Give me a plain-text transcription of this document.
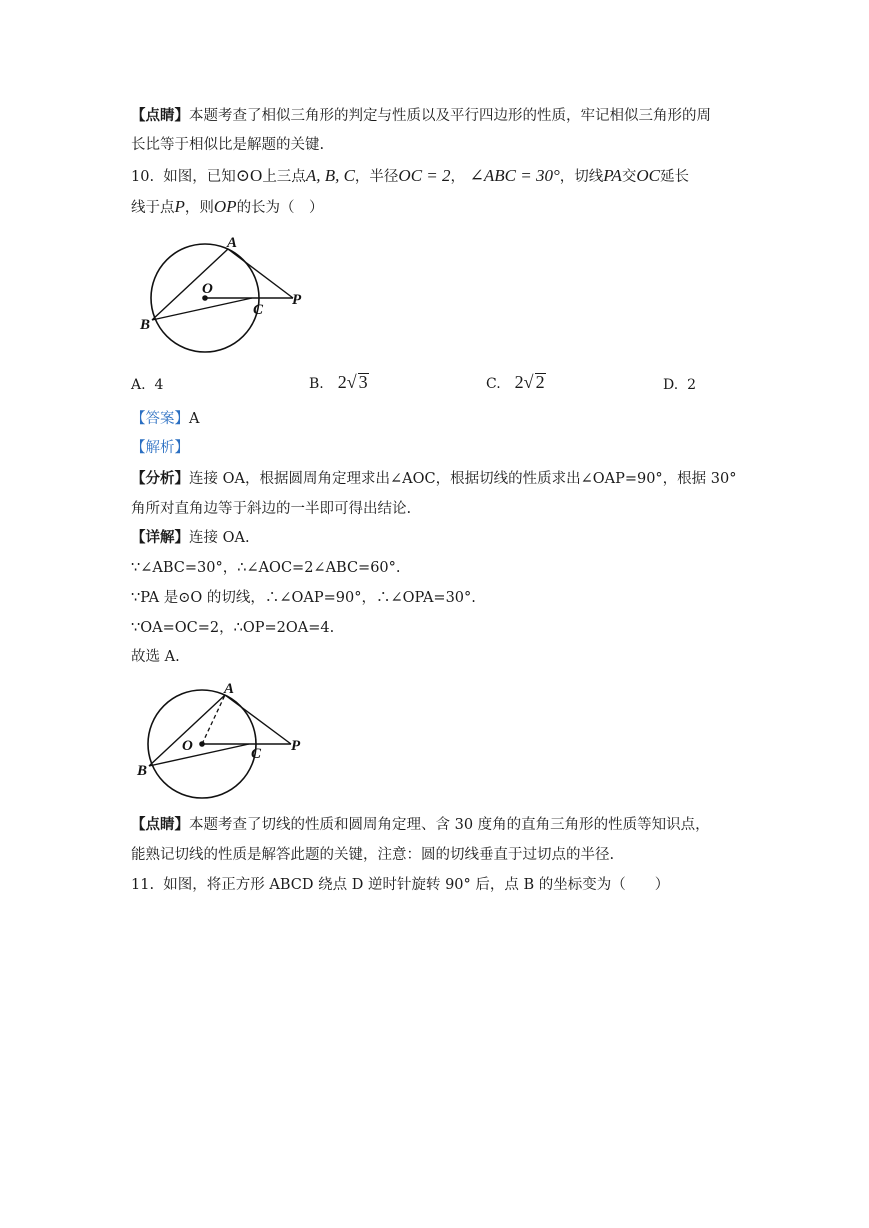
【点睛】本题考查了相似三角形的判定与性质以及平行四边形的性质，牢记相似三角形的周
长比等于相似比是解题的关键.
10. 如图，已知⊙O上三点A, B, C，半径OC = 2， ∠ABC = 30°，切线PA交OC延长
线于点P，则OP的长为（　）
A
O
C
P
B
A. 4	B. 2√ 3	C. 2√ 2	D. 2
【答案】A
【解析】
【分析】连接 OA，根据圆周角定理求出∠AOC，根据切线的性质求出∠OAP=90°，根据 30°
角所对直角边等于斜边的一半即可得出结论.
【详解】连接 OA.
∵∠ABC=30°，∴∠AOC=2∠ABC=60°.
∵PA 是⊙O 的切线，∴∠OAP=90°，∴∠OPA=30°.
∵OA=OC=2，∴OP=2OA=4.
故选 A.
A
O	C P
B
【点睛】本题考查了切线的性质和圆周角定理、含 30 度角的直角三角形的性质等知识点，
能熟记切线的性质是解答此题的关键，注意：圆的切线垂直于过切点的半径.
11. 如图，将正方形 ABCD 绕点 D 逆时针旋转 90° 后，点 B 的坐标变为（　　）
